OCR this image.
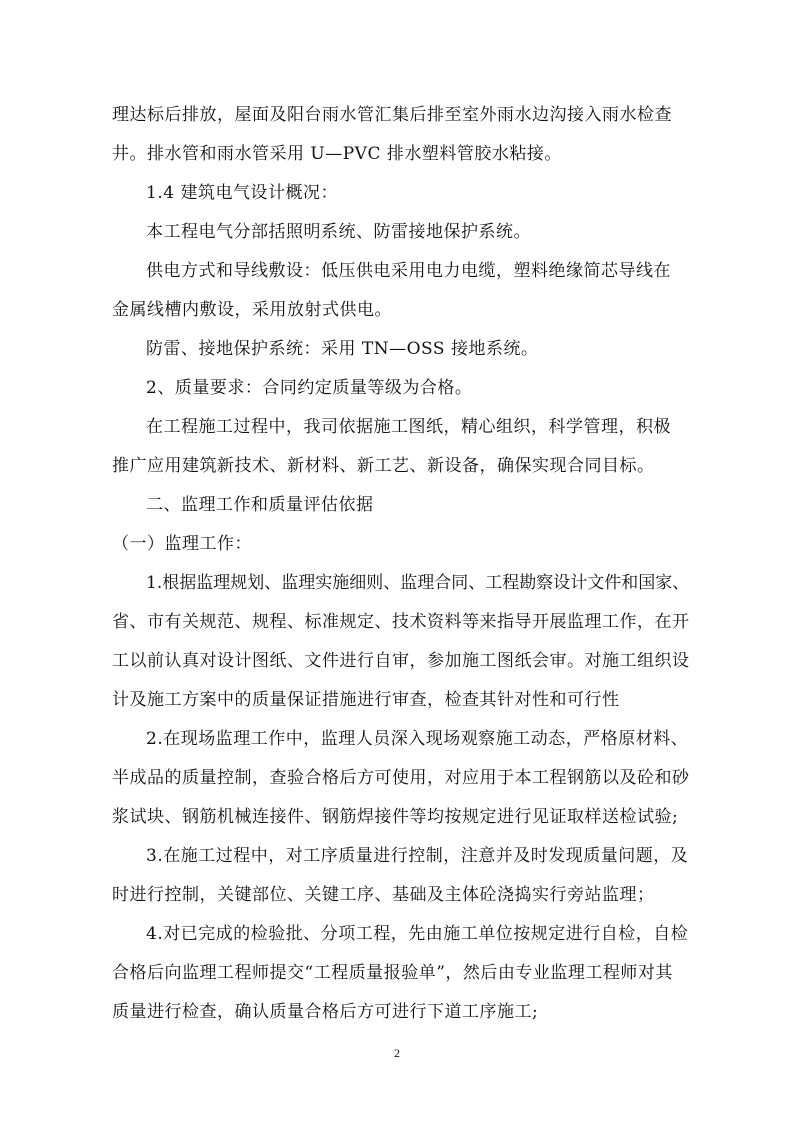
理达标后排放，屋面及阳台雨水管汇集后排至室外雨水边沟接入雨水检查
井。排水管和雨水管采用 U—PVC 排水塑料管胶水粘接。
1.4 建筑电气设计概况：
本工程电气分部括照明系统、防雷接地保护系统。
供电方式和导线敷设：低压供电采用电力电缆，塑料绝缘简芯导线在
金属线槽内敷设，采用放射式供电。
防雷、接地保护系统：采用 TN—OSS 接地系统。
2、质量要求：合同约定质量等级为合格。
在工程施工过程中，我司依据施工图纸，精心组织，科学管理，积极
推广应用建筑新技术、新材料、新工艺、新设备，确保实现合同目标。
二、监理工作和质量评估依据
（一）监理工作：
1.根据监理规划、监理实施细则、监理合同、工程勘察设计文件和国家、
省、市有关规范、规程、标准规定、技术资料等来指导开展监理工作，在开
工以前认真对设计图纸、文件进行自审，参加施工图纸会审。对施工组织设
计及施工方案中的质量保证措施进行审查，检查其针对性和可行性
2.在现场监理工作中，监理人员深入现场观察施工动态，严格原材料、
半成品的质量控制，查验合格后方可使用，对应用于本工程钢筋以及砼和砂
浆试块、钢筋机械连接件、钢筋焊接件等均按规定进行见证取样送检试验;
3.在施工过程中，对工序质量进行控制，注意并及时发现质量问题，及
时进行控制，关键部位、关键工序、基础及主体砼浇捣实行旁站监理；
4.对已完成的检验批、分项工程，先由施工单位按规定进行自检，自检
合格后向监理工程师提交“工程质量报验单”，然后由专业监理工程师对其
质量进行检查，确认质量合格后方可进行下道工序施工;
2
